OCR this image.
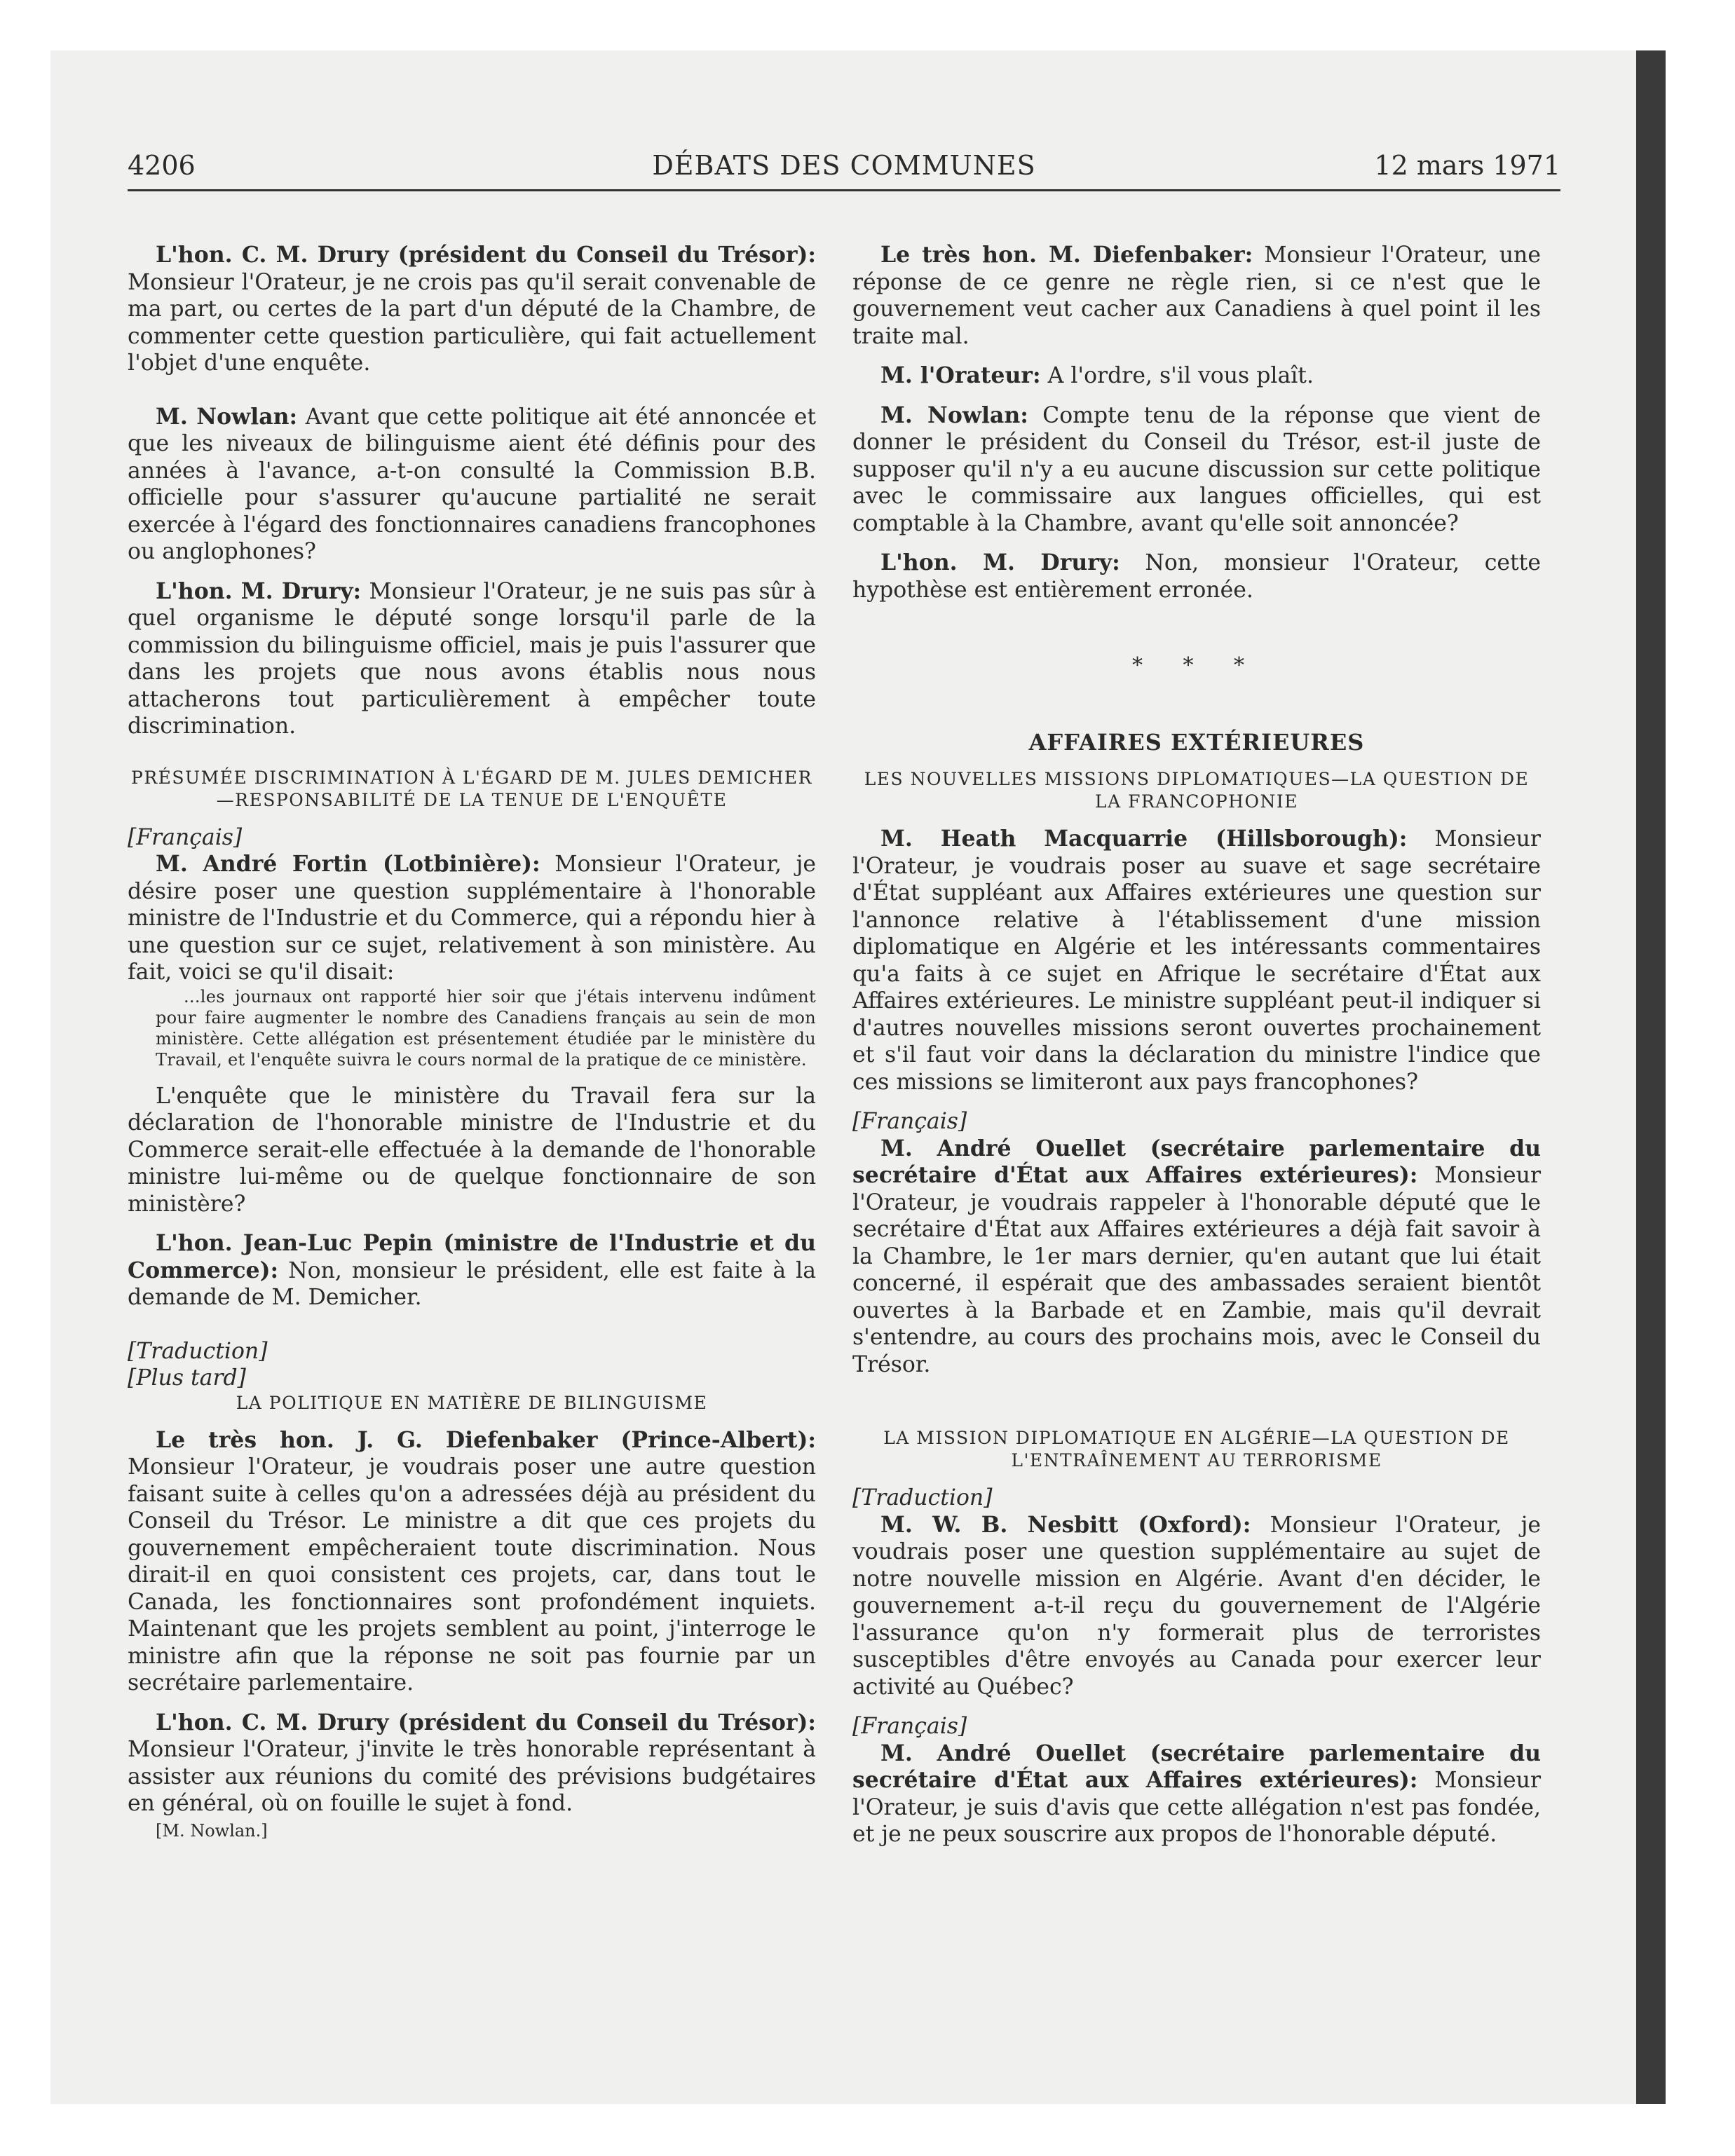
4206	DÉBATS DES COMMUNES	12 mars 1971

L'hon. C. M. Drury (président du Conseil du Trésor): Monsieur l'Orateur, je ne crois pas qu'il serait convenable de ma part, ou certes de la part d'un député de la Chambre, de commenter cette question particulière, qui fait actuellement l'objet d'une enquête.

M. Nowlan: Avant que cette politique ait été annoncée et que les niveaux de bilinguisme aient été définis pour des années à l'avance, a-t-on consulté la Commission B.B. officielle pour s'assurer qu'aucune partialité ne serait exercée à l'égard des fonctionnaires canadiens francophones ou anglophones?

L'hon. M. Drury: Monsieur l'Orateur, je ne suis pas sûr à quel organisme le député songe lorsqu'il parle de la commission du bilinguisme officiel, mais je puis l'assurer que dans les projets que nous avons établis nous nous attacherons tout particulièrement à empêcher toute discrimination.

PRÉSUMÉE DISCRIMINATION À L'ÉGARD DE M. JULES DEMICHER—RESPONSABILITÉ DE LA TENUE DE L'ENQUÊTE

[Français]

M. André Fortin (Lotbinière): Monsieur l'Orateur, je désire poser une question supplémentaire à l'honorable ministre de l'Industrie et du Commerce, qui a répondu hier à une question sur ce sujet, relativement à son ministère. Au fait, voici se qu'il disait:

...les journaux ont rapporté hier soir que j'étais intervenu indûment pour faire augmenter le nombre des Canadiens français au sein de mon ministère. Cette allégation est présentement étudiée par le ministère du Travail, et l'enquête suivra le cours normal de la pratique de ce ministère.

L'enquête que le ministère du Travail fera sur la déclaration de l'honorable ministre de l'Industrie et du Commerce serait-elle effectuée à la demande de l'honorable ministre lui-même ou de quelque fonctionnaire de son ministère?

L'hon. Jean-Luc Pepin (ministre de l'Industrie et du Commerce): Non, monsieur le président, elle est faite à la demande de M. Demicher.

[Traduction]

[Plus tard]

LA POLITIQUE EN MATIÈRE DE BILINGUISME

Le très hon. J. G. Diefenbaker (Prince-Albert): Monsieur l'Orateur, je voudrais poser une autre question faisant suite à celles qu'on a adressées déjà au président du Conseil du Trésor. Le ministre a dit que ces projets du gouvernement empêcheraient toute discrimination. Nous dirait-il en quoi consistent ces projets, car, dans tout le Canada, les fonctionnaires sont profondément inquiets. Maintenant que les projets semblent au point, j'interroge le ministre afin que la réponse ne soit pas fournie par un secrétaire parlementaire.

L'hon. C. M. Drury (président du Conseil du Trésor): Monsieur l'Orateur, j'invite le très honorable représentant à assister aux réunions du comité des prévisions budgétaires en général, où on fouille le sujet à fond.

[M. Nowlan.]

Le très hon. M. Diefenbaker: Monsieur l'Orateur, une réponse de ce genre ne règle rien, si ce n'est que le gouvernement veut cacher aux Canadiens à quel point il les traite mal.

M. l'Orateur: A l'ordre, s'il vous plaît.

M. Nowlan: Compte tenu de la réponse que vient de donner le président du Conseil du Trésor, est-il juste de supposer qu'il n'y a eu aucune discussion sur cette politique avec le commissaire aux langues officielles, qui est comptable à la Chambre, avant qu'elle soit annoncée?

L'hon. M. Drury: Non, monsieur l'Orateur, cette hypothèse est entièrement erronée.

* * *

AFFAIRES EXTÉRIEURES

LES NOUVELLES MISSIONS DIPLOMATIQUES—LA QUESTION DE LA FRANCOPHONIE

M. Heath Macquarrie (Hillsborough): Monsieur l'Orateur, je voudrais poser au suave et sage secrétaire d'État suppléant aux Affaires extérieures une question sur l'annonce relative à l'établissement d'une mission diplomatique en Algérie et les intéressants commentaires qu'a faits à ce sujet en Afrique le secrétaire d'État aux Affaires extérieures. Le ministre suppléant peut-il indiquer si d'autres nouvelles missions seront ouvertes prochainement et s'il faut voir dans la déclaration du ministre l'indice que ces missions se limiteront aux pays francophones?

[Français]

M. André Ouellet (secrétaire parlementaire du secrétaire d'État aux Affaires extérieures): Monsieur l'Orateur, je voudrais rappeler à l'honorable député que le secrétaire d'État aux Affaires extérieures a déjà fait savoir à la Chambre, le 1er mars dernier, qu'en autant que lui était concerné, il espérait que des ambassades seraient bientôt ouvertes à la Barbade et en Zambie, mais qu'il devrait s'entendre, au cours des prochains mois, avec le Conseil du Trésor.

LA MISSION DIPLOMATIQUE EN ALGÉRIE—LA QUESTION DE L'ENTRAÎNEMENT AU TERRORISME

[Traduction]

M. W. B. Nesbitt (Oxford): Monsieur l'Orateur, je voudrais poser une question supplémentaire au sujet de notre nouvelle mission en Algérie. Avant d'en décider, le gouvernement a-t-il reçu du gouvernement de l'Algérie l'assurance qu'on n'y formerait plus de terroristes susceptibles d'être envoyés au Canada pour exercer leur activité au Québec?

[Français]

M. André Ouellet (secrétaire parlementaire du secrétaire d'État aux Affaires extérieures): Monsieur l'Orateur, je suis d'avis que cette allégation n'est pas fondée, et je ne peux souscrire aux propos de l'honorable député.
